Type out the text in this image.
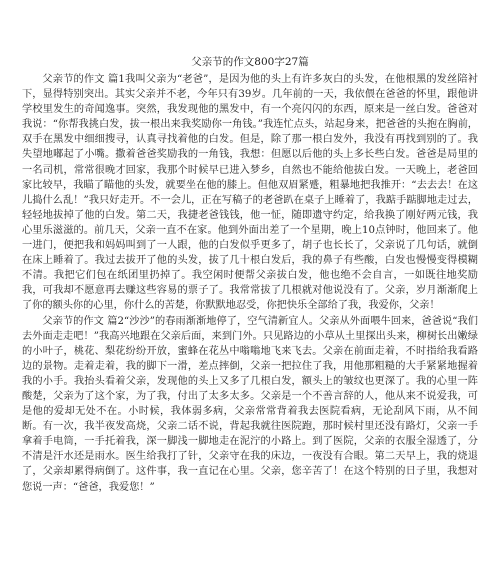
父亲节的作文800字27篇

父亲节的作文 篇1我叫父亲为“老爸”，是因为他的头上有许多灰白的头发，在他根黑的发丝陪衬下，显得特别突出。其实父亲并不老，今年只有39岁。几年前的一天，我依偎在爸爸的怀里，跟他讲学校里发生的奇闻逸事。突然，我发现他的黑发中，有一个亮闪闪的东西，原来是一丝白发。爸爸对我说：“你帮我挑白发，拔一根出来我奖励你一角钱。”我连忙点头，站起身来，把爸爸的头抱在胸前，双手在黑发中细细搜寻，认真寻找着他的白发。但是，除了那一根白发外，我没有再找到别的了。我失望地嘟起了小嘴。撒着爸爸奖励我的一角钱，我想：但愿以后他的头上多长些白发。爸爸是局里的一名司机，常常很晚才回家，我那个时候早已进入梦乡，自然也不能给他拔白发。一天晚上，老爸回家比较早，我瞄了瞄他的头发，就要坐在他的膝上。但他双眉紧蹙，粗暴地把我推开：“去去去！在这儿捣什么乱！”我只好走开。不一会儿，正在写稿子的老爸趴在桌子上睡着了，我踮手踮脚地走过去，轻轻地拔掉了他的白发。第二天，我捷老爸钱钱，他一怔，随即遗守约定，给我换了刚好两元钱，我心里乐滋滋的。前几天，父亲一直不在家。他到外面出差了一个星期，晚上10点钟时，他回来了。他一进门，便把我和妈妈叫到了一人跟，他的白发似乎更多了，胡子也长长了，父亲说了几句话，就倒在床上睡着了。我过去拔开了他的头发，拔了几十根白发后，我的鼻子有些酸，白发也慢慢变得模糊不清。我把它们包在纸团里扔掉了。我空闲时便帮父亲拔白发，他也绝不会自言，一如既往地奖励我，可我却不愿意再去赚这些容易的票子了。我常常拔了几根就对他说没有了。父亲，岁月渐渐爬上了你的额头你的心里，你什么的苦楚，你默默地忍受，你把快乐全部给了我，我爱你，父亲！

父亲节的作文 篇2“沙沙”的春雨渐渐地停了，空气清新宜人。父亲从外面喂牛回来，爸爸说“我们去外面走走吧！”我高兴地跟在父亲后面，来到门外。只见路边的小草从土里探出头来，柳树长出嫩绿的小叶子，桃花、梨花纷纷开放，蜜蜂在花丛中嗡嗡地飞来飞去。父亲在前面走着，不时指给我看路边的景物。走着走着，我的脚下一滑，差点摔倒，父亲一把拉住了我，用他那粗糙的大手紧紧地握着我的小手。我抬头看着父亲，发现他的头上又多了几根白发，额头上的皱纹也更深了。我的心里一阵酸楚，父亲为了这个家，为了我，付出了太多太多。父亲是一个不善言辞的人，他从来不说爱我，可是他的爱却无处不在。小时候，我体弱多病，父亲常常背着我去医院看病，无论刮风下雨，从不间断。有一次，我半夜发高烧，父亲二话不说，背起我就往医院跑，那时候村里还没有路灯，父亲一手拿着手电筒，一手托着我，深一脚浅一脚地走在泥泞的小路上。到了医院，父亲的衣服全湿透了，分不清是汗水还是雨水。医生给我打了针，父亲守在我的床边，一夜没有合眼。第二天早上，我的烧退了，父亲却累得病倒了。这件事，我一直记在心里。父亲，您辛苦了！在这个特别的日子里，我想对您说一声：“爸爸，我爱您！”
